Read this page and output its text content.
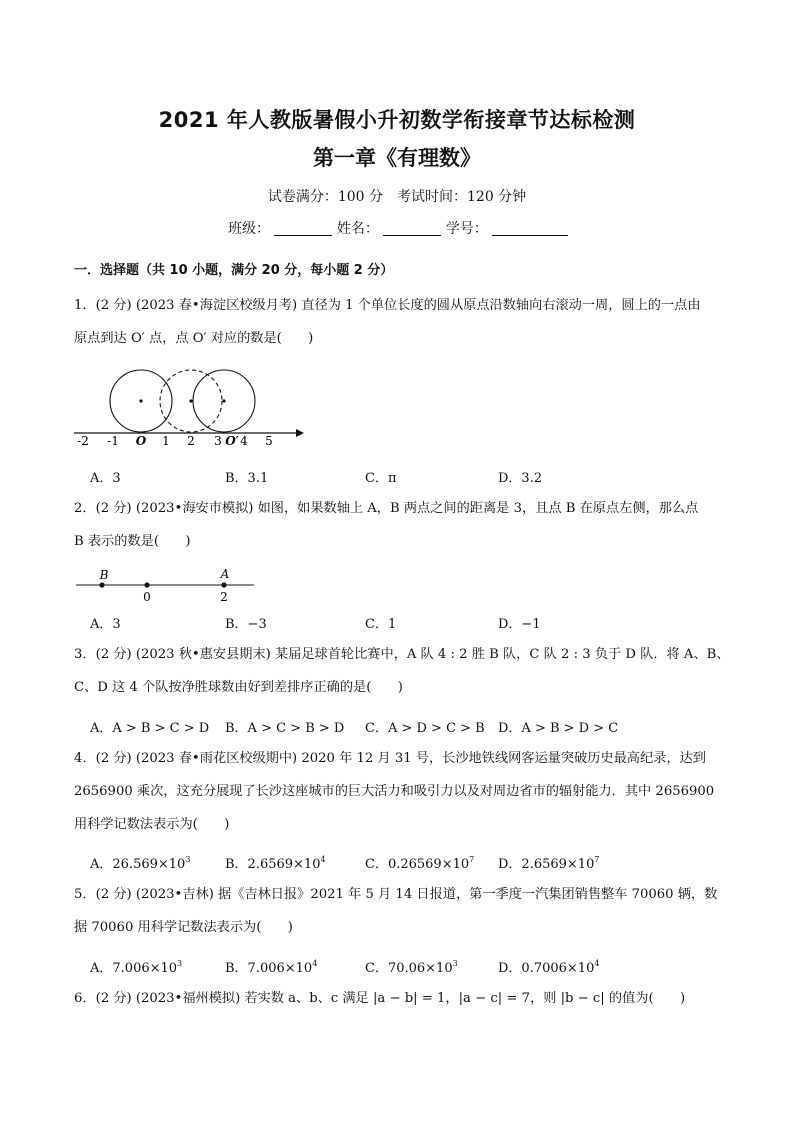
2021 年人教版暑假小升初数学衔接章节达标检测
第一章《有理数》
试卷满分：100 分　考试时间：120 分钟
班级：	姓名：	学号：
一．选择题（共 10 小题，满分 20 分，每小题 2 分）
1．(2 分) (2023 春•海淀区校级月考) 直径为 1 个单位长度的圆从原点沿数轴向右滚动一周，圆上的一点由
原点到达 O′ 点，点 O′ 对应的数是(　　)
-2 -1 O 1 2 3 O′ 4 5
A．3	B．3.1	C．π	D．3.2
2．(2 分) (2023•海安市模拟) 如图，如果数轴上 A，B 两点之间的距离是 3，且点 B 在原点左侧，那么点
B 表示的数是(　　)
B	A
0	2
A．3	B．−3	C．1	D．−1
3．(2 分) (2023 秋•惠安县期末) 某届足球首轮比赛中，A 队 4 : 2 胜 B 队，C 队 2 : 3 负于 D 队．将 A、B、
C、D 这 4 个队按净胜球数由好到差排序正确的是(　　)
A．A > B > C > D B．A > C > B > D C．A > D > C > B D．A > B > D > C
4．(2 分) (2023 春•雨花区校级期中) 2020 年 12 月 31 号，长沙地铁线网客运量突破历史最高纪录，达到
2656900 乘次，这充分展现了长沙这座城市的巨大活力和吸引力以及对周边省市的辐射能力．其中 2656900
用科学记数法表示为(　　)
A．$26.569\times 10^3$	B．$2.6569\times 10^4$	C．$0.26569\times 10^7$ D．$2.6569\times 10^7$
5．(2 分) (2023•吉林) 据《吉林日报》2021 年 5 月 14 日报道，第一季度一汽集团销售整车 70060 辆，数
据 70060 用科学记数法表示为(　　)
A．$7.006\times 10^3$	B．$7.006\times 10^4$	C．$70.06\times 10^3$	D．$0.7006\times 10^4$
6．(2 分) (2023•福州模拟) 若实数 a、b、c 满足 |a − b| = 1，|a − c| = 7，则 |b − c| 的值为(　　)
